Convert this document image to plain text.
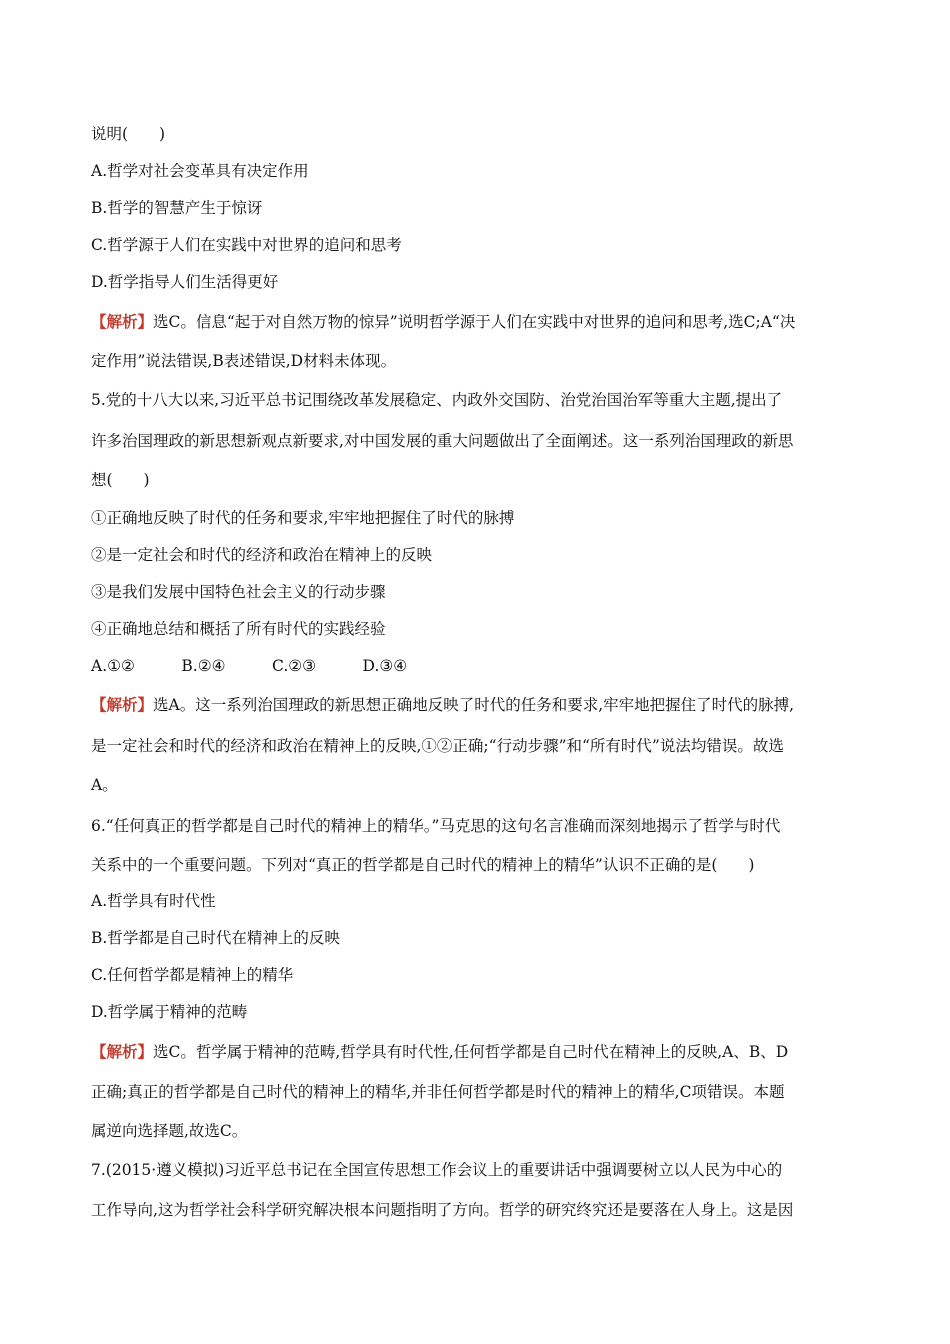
说明(　　)
A.哲学对社会变革具有决定作用
B.哲学的智慧产生于惊讶
C.哲学源于人们在实践中对世界的追问和思考
D.哲学指导人们生活得更好
【解析】选C。信息“起于对自然万物的惊异”说明哲学源于人们在实践中对世界的追问和思考,选C;A“决
定作用”说法错误,B表述错误,D材料未体现。
5.党的十八大以来,习近平总书记围绕改革发展稳定、内政外交国防、治党治国治军等重大主题,提出了
许多治国理政的新思想新观点新要求,对中国发展的重大问题做出了全面阐述。这一系列治国理政的新思
想(　　)
①正确地反映了时代的任务和要求,牢牢地把握住了时代的脉搏
②是一定社会和时代的经济和政治在精神上的反映
③是我们发展中国特色社会主义的行动步骤
④正确地总结和概括了所有时代的实践经验
A.①②　　　B.②④　　　C.②③　　　D.③④
【解析】选A。这一系列治国理政的新思想正确地反映了时代的任务和要求,牢牢地把握住了时代的脉搏,
是一定社会和时代的经济和政治在精神上的反映,①②正确;“行动步骤”和“所有时代”说法均错误。故选
A。
6.“任何真正的哲学都是自己时代的精神上的精华。”马克思的这句名言准确而深刻地揭示了哲学与时代
关系中的一个重要问题。下列对“真正的哲学都是自己时代的精神上的精华”认识不正确的是(　　)
A.哲学具有时代性
B.哲学都是自己时代在精神上的反映
C.任何哲学都是精神上的精华
D.哲学属于精神的范畴
【解析】选C。哲学属于精神的范畴,哲学具有时代性,任何哲学都是自己时代在精神上的反映,A、B、D
正确;真正的哲学都是自己时代的精神上的精华,并非任何哲学都是时代的精神上的精华,C项错误。本题
属逆向选择题,故选C。
7.(2015·遵义模拟)习近平总书记在全国宣传思想工作会议上的重要讲话中强调要树立以人民为中心的
工作导向,这为哲学社会科学研究解决根本问题指明了方向。哲学的研究终究还是要落在人身上。这是因
